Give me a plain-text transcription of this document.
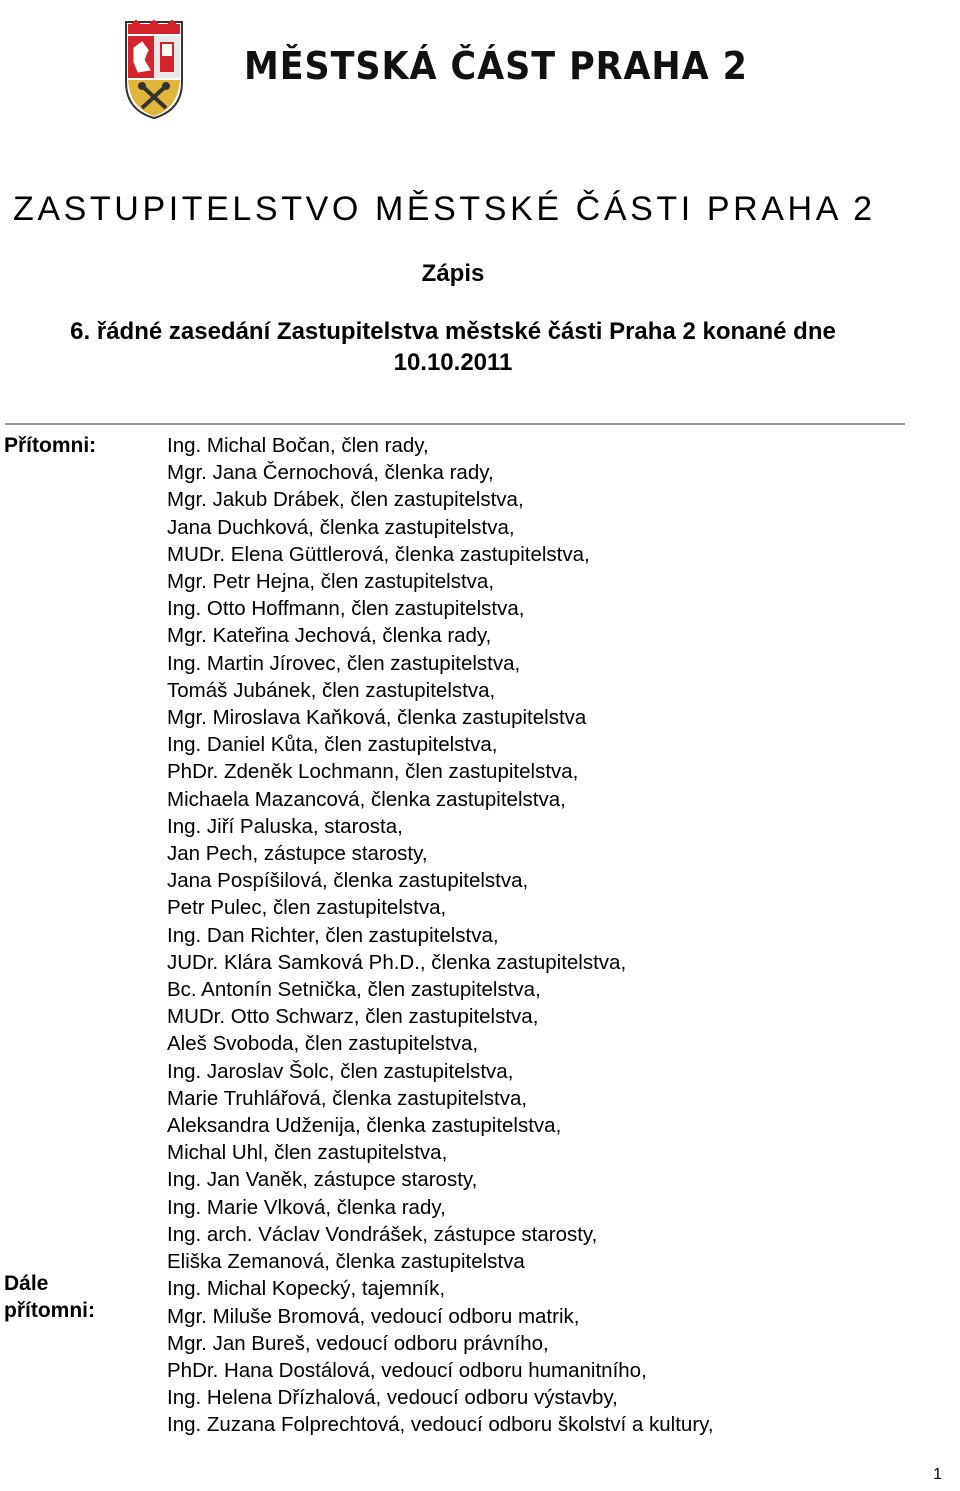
MĚSTSKÁ ČÁST PRAHA 2
ZASTUPITELSTVO MĚSTSKÉ ČÁSTI PRAHA 2
Zápis
6. řádné zasedání Zastupitelstva městské části Praha 2 konané dne
10.10.2011
Přítomni:
Dále
přítomni:
Ing. Michal Bočan, člen rady,
Mgr. Jana Černochová, členka rady,
Mgr. Jakub Drábek, člen zastupitelstva,
Jana Duchková, členka zastupitelstva,
MUDr. Elena Güttlerová, členka zastupitelstva,
Mgr. Petr Hejna, člen zastupitelstva,
Ing. Otto Hoffmann, člen zastupitelstva,
Mgr. Kateřina Jechová, členka rady,
Ing. Martin Jírovec, člen zastupitelstva,
Tomáš Jubánek, člen zastupitelstva,
Mgr. Miroslava Kaňková, členka zastupitelstva
Ing. Daniel Kůta, člen zastupitelstva,
PhDr. Zdeněk Lochmann, člen zastupitelstva,
Michaela Mazancová, členka zastupitelstva,
Ing. Jiří Paluska, starosta,
Jan Pech, zástupce starosty,
Jana Pospíšilová, členka zastupitelstva,
Petr Pulec, člen zastupitelstva,
Ing. Dan Richter, člen zastupitelstva,
JUDr. Klára Samková Ph.D., členka zastupitelstva,
Bc. Antonín Setnička, člen zastupitelstva,
MUDr. Otto Schwarz, člen zastupitelstva,
Aleš Svoboda, člen zastupitelstva,
Ing. Jaroslav Šolc, člen zastupitelstva,
Marie Truhlářová, členka zastupitelstva,
Aleksandra Udženija, členka zastupitelstva,
Michal Uhl, člen zastupitelstva,
Ing. Jan Vaněk, zástupce starosty,
Ing. Marie Vlková, členka rady,
Ing. arch. Václav Vondrášek, zástupce starosty,
Eliška Zemanová, členka zastupitelstva
Ing. Michal Kopecký, tajemník,
Mgr. Miluše Bromová, vedoucí odboru matrik,
Mgr. Jan Bureš, vedoucí odboru právního,
PhDr. Hana Dostálová, vedoucí odboru humanitního,
Ing. Helena Dřízhalová, vedoucí odboru výstavby,
Ing. Zuzana Folprechtová, vedoucí odboru školství a kultury,
1
